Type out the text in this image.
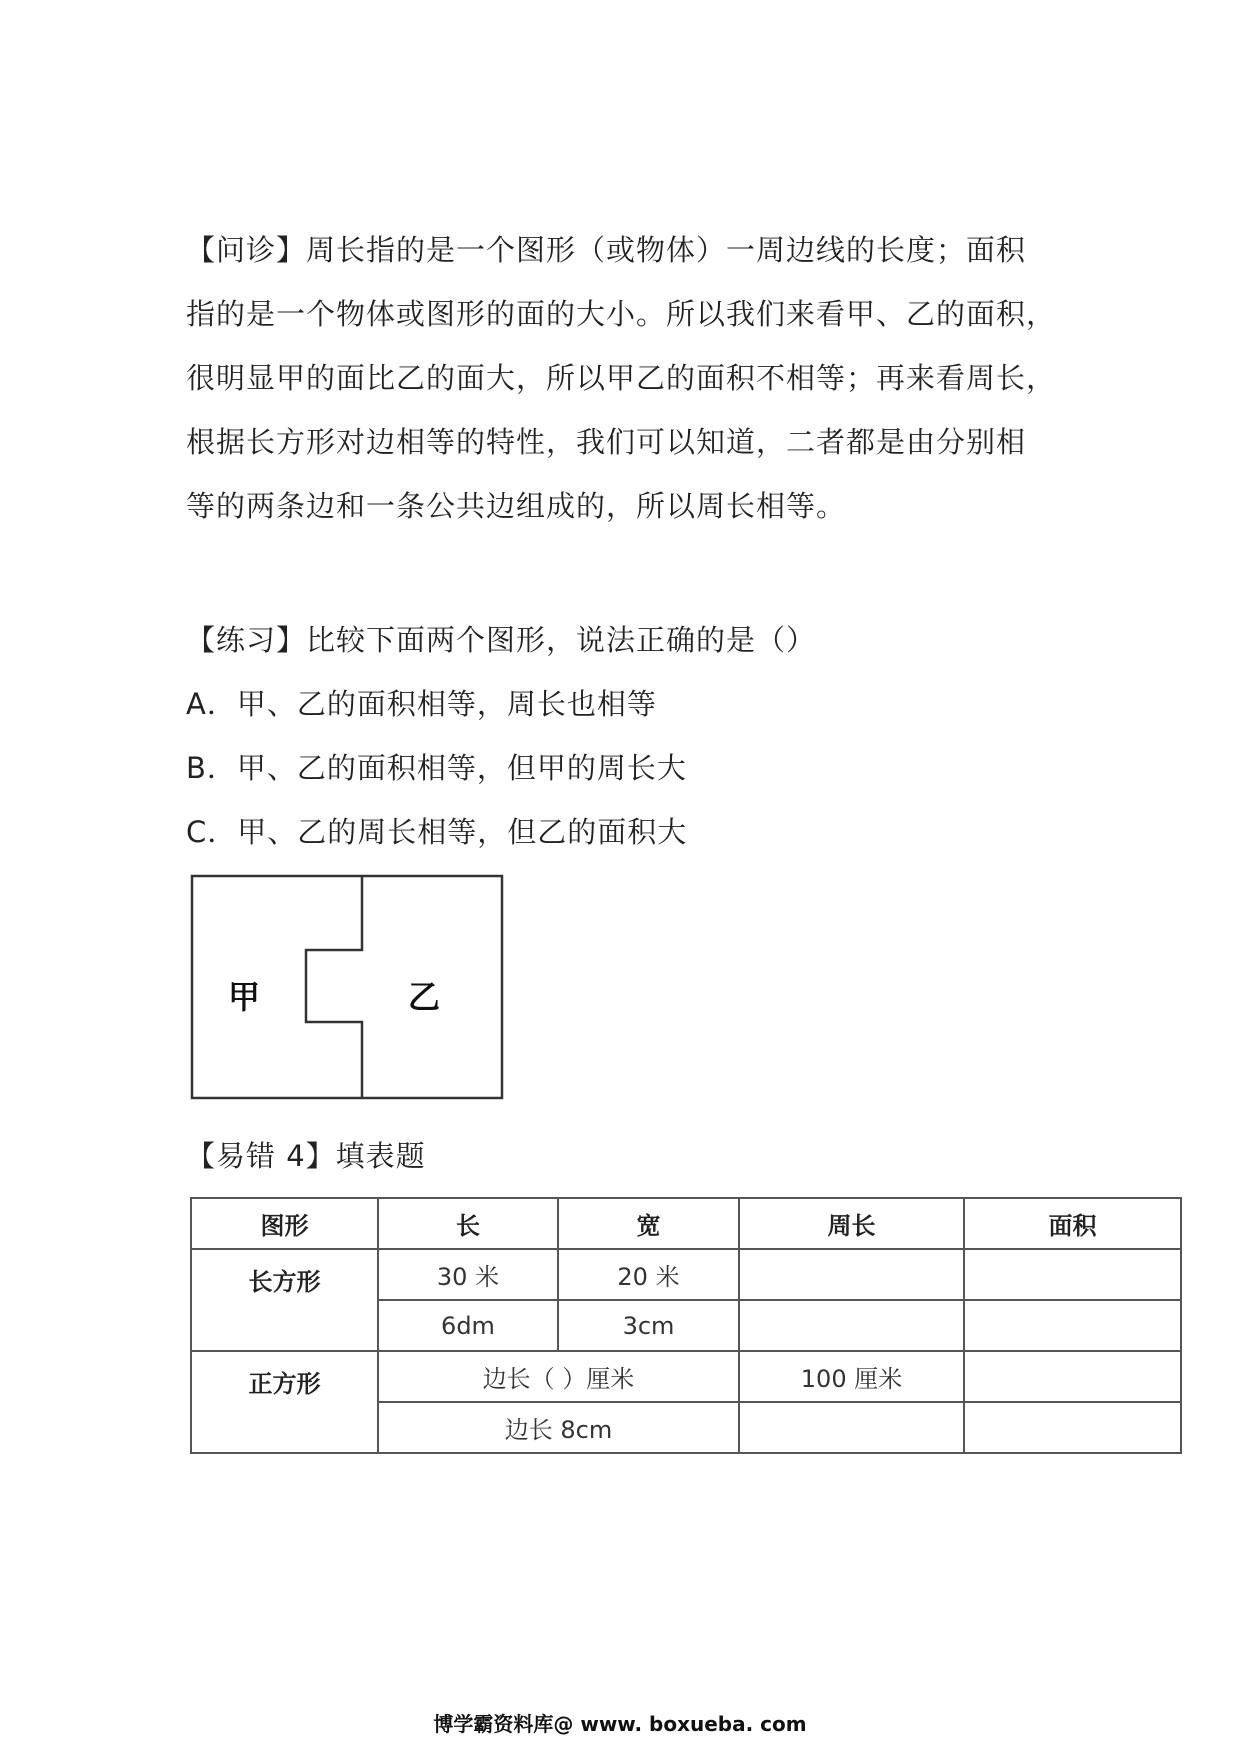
【问诊】周长指的是一个图形（或物体）一周边线的长度；面积
指的是一个物体或图形的面的大小。所以我们来看甲、乙的面积，
很明显甲的面比乙的面大，所以甲乙的面积不相等；再来看周长，
根据长方形对边相等的特性，我们可以知道，二者都是由分别相
等的两条边和一条公共边组成的，所以周长相等。
【练习】比较下面两个图形，说法正确的是（）
A．甲、乙的面积相等，周长也相等
B．甲、乙的面积相等，但甲的周长大
C．甲、乙的周长相等，但乙的面积大
甲	乙
【易错 4】填表题
图形	长	宽	周长	面积
长方形	30 米	20 米		
	6dm	3cm		
正方形	边长（ ）厘米		100 厘米	
	边长 8cm			
博学霸资料库@ www. boxueba. com
